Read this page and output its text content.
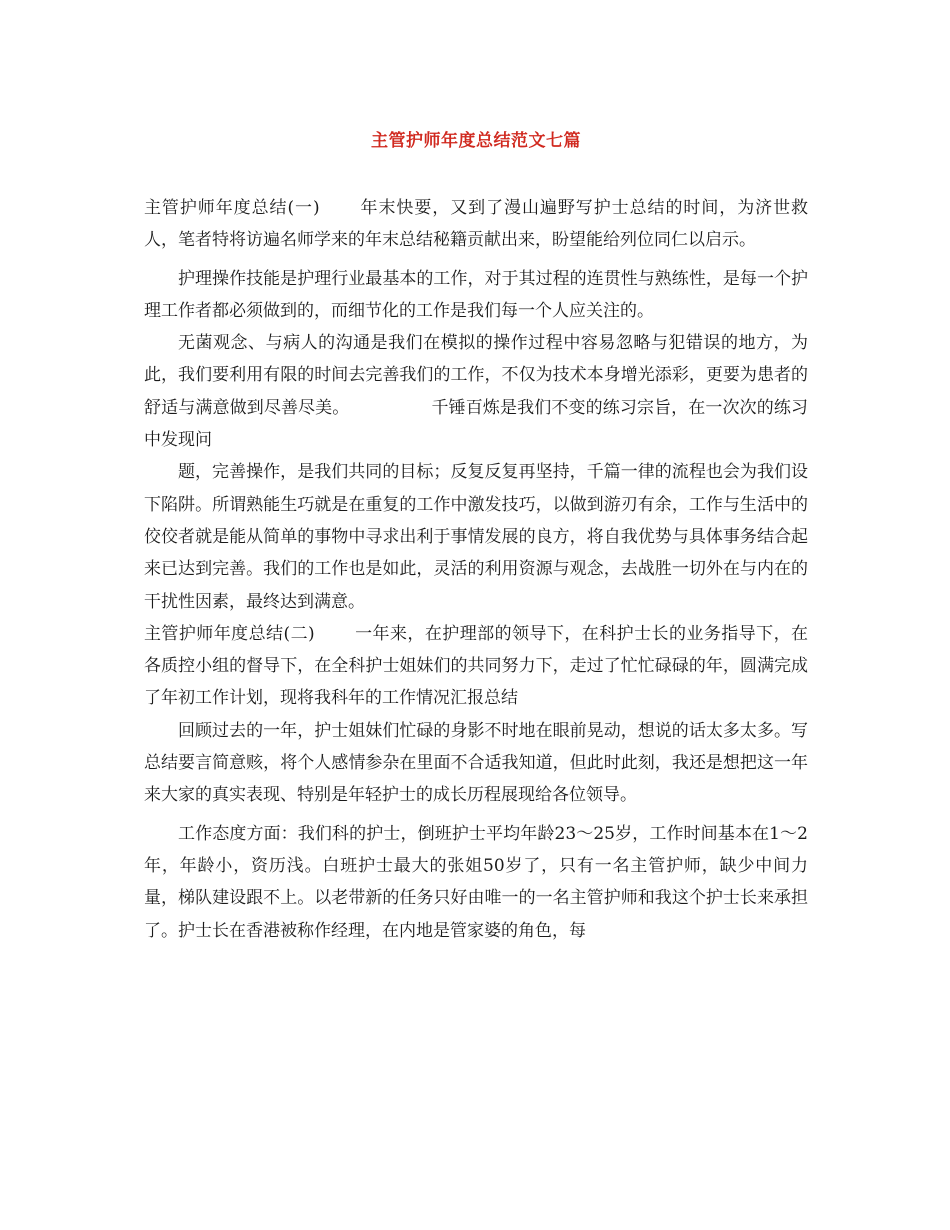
主管护师年度总结范文七篇

主管护师年度总结(一) 年末快要，又到了漫山遍野写护士总结的时间，为济世救人，笔者特将访遍名师学来的年末总结秘籍贡献出来，盼望能给列位同仁以启示。

护理操作技能是护理行业最基本的工作，对于其过程的连贯性与熟练性，是每一个护理工作者都必须做到的，而细节化的工作是我们每一个人应关注的。

无菌观念、与病人的沟通是我们在模拟的操作过程中容易忽略与犯错误的地方，为此，我们要利用有限的时间去完善我们的工作，不仅为技术本身增光添彩，更要为患者的舒适与满意做到尽善尽美。	千锤百炼是我们不变的练习宗旨，在一次次的练习中发现问

题，完善操作，是我们共同的目标；反复反复再坚持，千篇一律的流程也会为我们设下陷阱。所谓熟能生巧就是在重复的工作中激发技巧，以做到游刃有余，工作与生活中的佼佼者就是能从简单的事物中寻求出利于事情发展的良方，将自我优势与具体事务结合起来已达到完善。我们的工作也是如此，灵活的利用资源与观念，去战胜一切外在与内在的干扰性因素，最终达到满意。

主管护师年度总结(二) 一年来，在护理部的领导下，在科护士长的业务指导下，在各质控小组的督导下，在全科护士姐妹们的共同努力下，走过了忙忙碌碌的年，圆满完成了年初工作计划，现将我科年的工作情况汇报总结

回顾过去的一年，护士姐妹们忙碌的身影不时地在眼前晃动，想说的话太多太多。写总结要言简意赅，将个人感情参杂在里面不合适我知道，但此时此刻，我还是想把这一年来大家的真实表现、特别是年轻护士的成长历程展现给各位领导。

工作态度方面：我们科的护士，倒班护士平均年龄23～25岁，工作时间基本在1～2年，年龄小，资历浅。白班护士最大的张姐50岁了，只有一名主管护师，缺少中间力量，梯队建设跟不上。以老带新的任务只好由唯一的一名主管护师和我这个护士长来承担了。护士长在香港被称作经理，在内地是管家婆的角色，每
